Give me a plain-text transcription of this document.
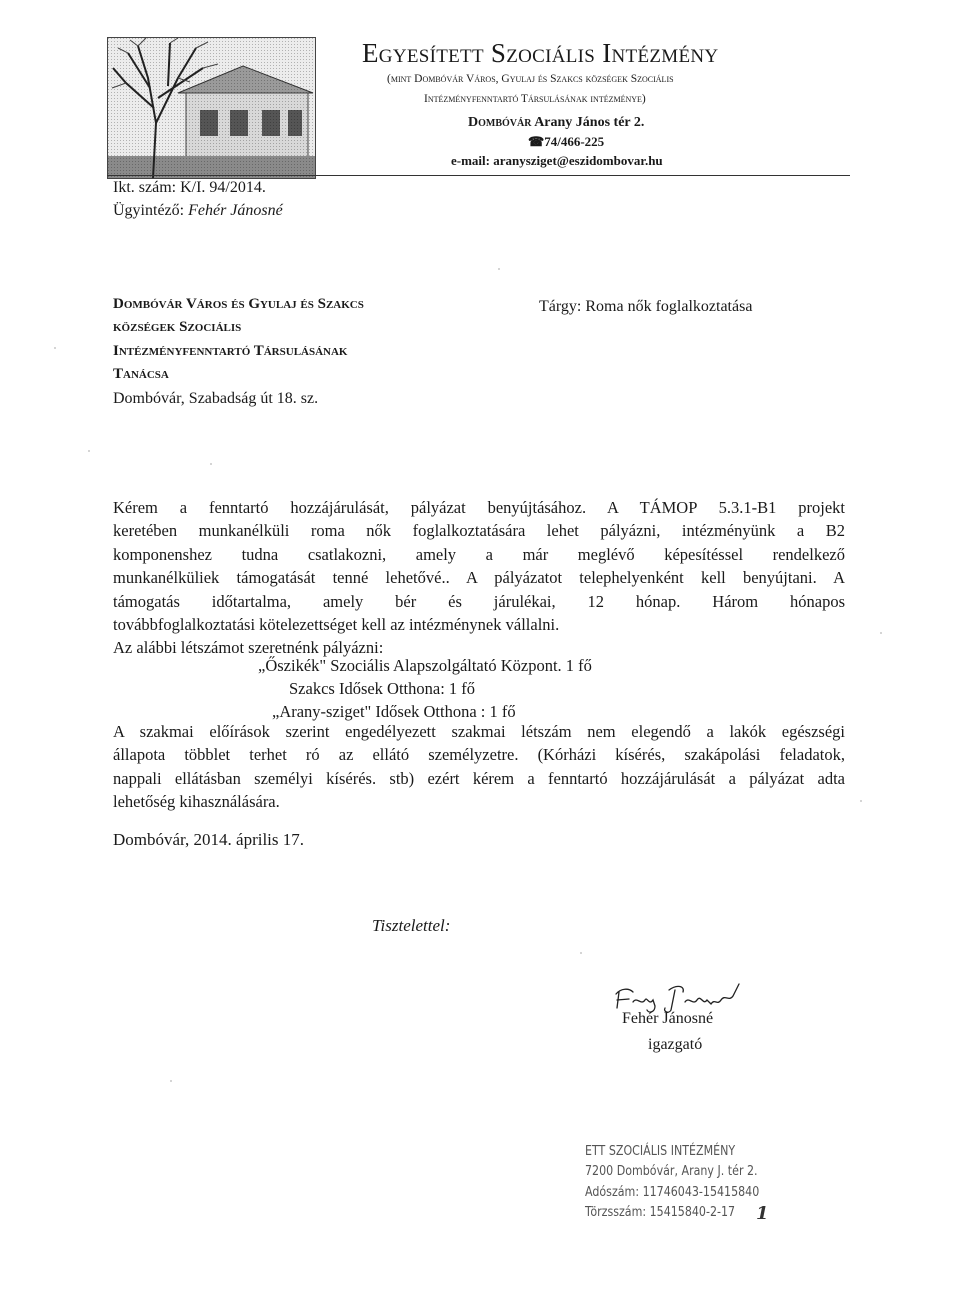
Egyesített Szociális Intézmény
(mint Dombóvár Város, Gyulaj és Szakcs községek Szociális
Intézményfenntartó Társulásának intézménye)
Dombóvár Arany János tér 2.
☎74/466-225
e-mail: aranysziget@eszidombovar.hu
Ikt. szám: K/I. 94/2014.
Ügyintéző: Fehér Jánosné
Dombóvár Város és Gyulaj és Szakcs
községek Szociális
Intézményfenntartó Társulásának
Tanácsa
Dombóvár, Szabadság út 18. sz.
Tárgy: Roma nők foglalkoztatása
Kérem a fenntartó hozzájárulását, pályázat benyújtásához. A TÁMOP 5.3.1-B1 projekt
keretében munkanélküli roma nők foglalkoztatására lehet pályázni, intézményünk a B2
komponenshez tudna csatlakozni, amely a már meglévő képesítéssel rendelkező
munkanélküliek támogatását tenné lehetővé.. A pályázatot telephelyenként kell benyújtani. A
támogatás időtartalma, amely bér és járulékai, 12 hónap. Három hónapos
továbbfoglalkoztatási kötelezettséget kell az intézménynek vállalni.
Az alábbi létszámot szeretnénk pályázni:
„Őszikék" Szociális Alapszolgáltató Központ. 1 fő
Szakcs Idősek Otthona: 1 fő
„Arany-sziget" Idősek Otthona : 1 fő
A szakmai előírások szerint engedélyezett szakmai létszám nem elegendő a lakók egészségi
állapota többlet terhet ró az ellátó személyzetre. (Kórházi kísérés, szakápolási feladatok,
nappali ellátásban személyi kísérés. stb) ezért kérem a fenntartó hozzájárulását a pályázat adta
lehetőség kihasználására.
Dombóvár, 2014. április 17.
Tisztelettel:
Fehér Jánosné
igazgató
ETT SZOCIÁLIS INTÉZMÉNY
7200 Dombóvár, Arany J. tér 2.
Adószám: 11746043-15415840
Törzsszám: 15415840-2-17 1
